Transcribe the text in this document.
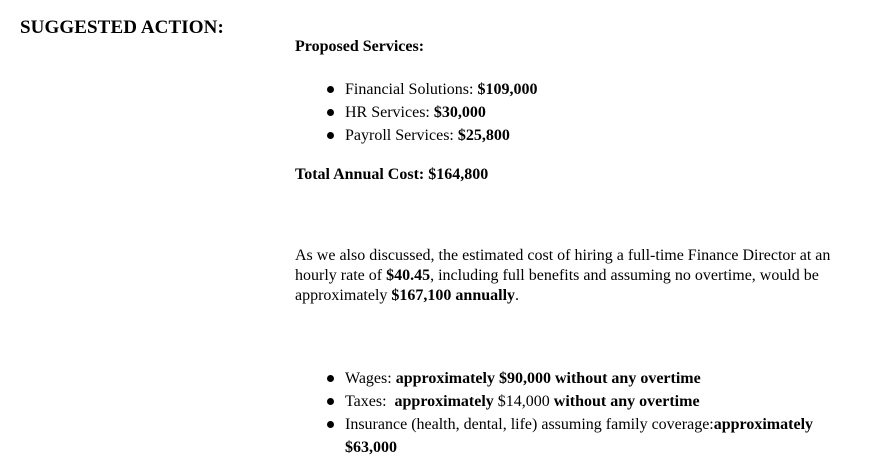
SUGGESTED ACTION:
Proposed Services:
Financial Solutions: $109,000
HR Services: $30,000
Payroll Services: $25,800
Total Annual Cost: $164,800
As we also discussed, the estimated cost of hiring a full-time Finance Director at an hourly rate of $40.45, including full benefits and assuming no overtime, would be approximately $167,100 annually.
Wages: approximately $90,000 without any overtime
Taxes:  approximately $14,000 without any overtime
Insurance (health, dental, life) assuming family coverage:approximately $63,000
